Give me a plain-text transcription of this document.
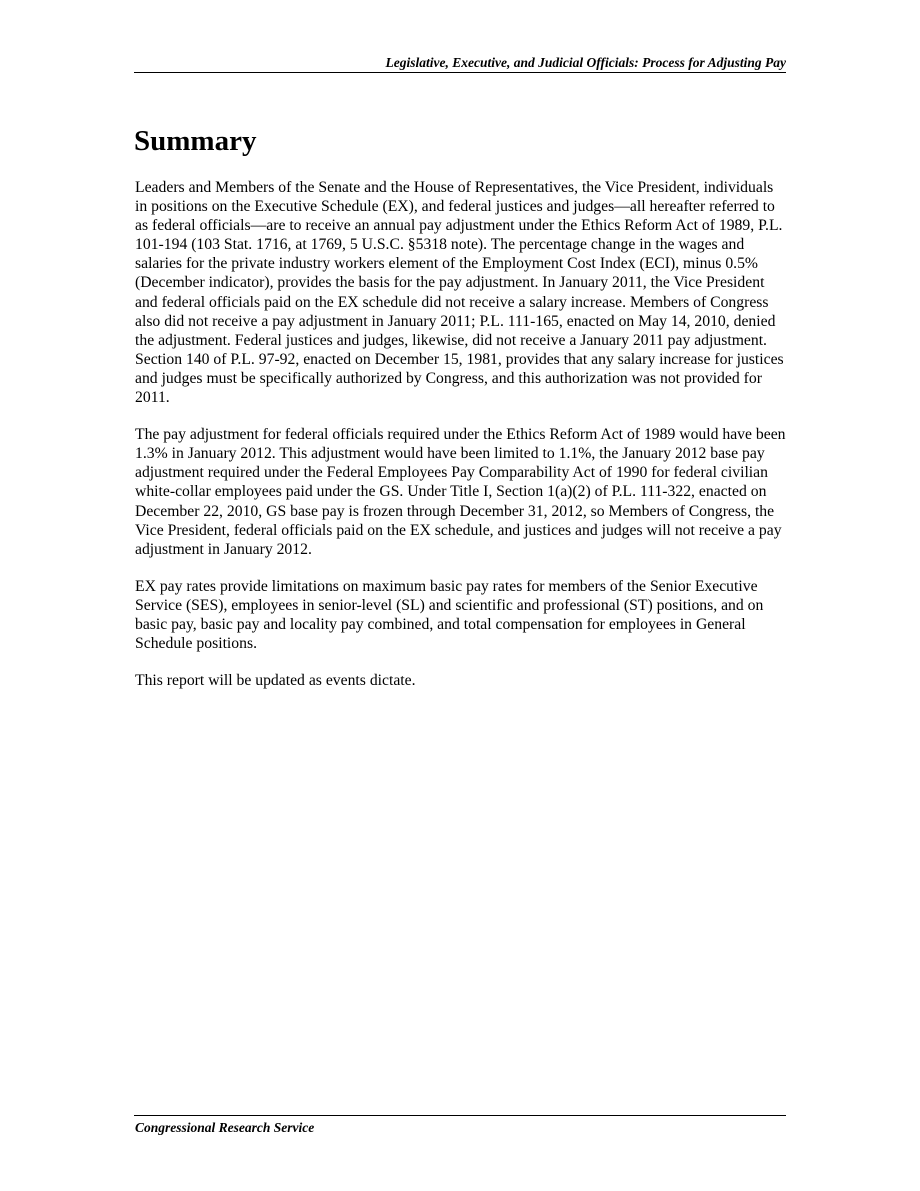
Legislative, Executive, and Judicial Officials: Process for Adjusting Pay
Summary

Leaders and Members of the Senate and the House of Representatives, the Vice President, individuals in positions on the Executive Schedule (EX), and federal justices and judges—all hereafter referred to as federal officials—are to receive an annual pay adjustment under the Ethics Reform Act of 1989, P.L. 101-194 (103 Stat. 1716, at 1769, 5 U.S.C. §5318 note). The percentage change in the wages and salaries for the private industry workers element of the Employment Cost Index (ECI), minus 0.5% (December indicator), provides the basis for the pay adjustment. In January 2011, the Vice President and federal officials paid on the EX schedule did not receive a salary increase. Members of Congress also did not receive a pay adjustment in January 2011; P.L. 111-165, enacted on May 14, 2010, denied the adjustment. Federal justices and judges, likewise, did not receive a January 2011 pay adjustment. Section 140 of P.L. 97-92, enacted on December 15, 1981, provides that any salary increase for justices and judges must be specifically authorized by Congress, and this authorization was not provided for 2011.

The pay adjustment for federal officials required under the Ethics Reform Act of 1989 would have been 1.3% in January 2012. This adjustment would have been limited to 1.1%, the January 2012 base pay adjustment required under the Federal Employees Pay Comparability Act of 1990 for federal civilian white-collar employees paid under the GS. Under Title I, Section 1(a)(2) of P.L. 111-322, enacted on December 22, 2010, GS base pay is frozen through December 31, 2012, so Members of Congress, the Vice President, federal officials paid on the EX schedule, and justices and judges will not receive a pay adjustment in January 2012.

EX pay rates provide limitations on maximum basic pay rates for members of the Senior Executive Service (SES), employees in senior-level (SL) and scientific and professional (ST) positions, and on basic pay, basic pay and locality pay combined, and total compensation for employees in General Schedule positions.

This report will be updated as events dictate.

Congressional Research Service
